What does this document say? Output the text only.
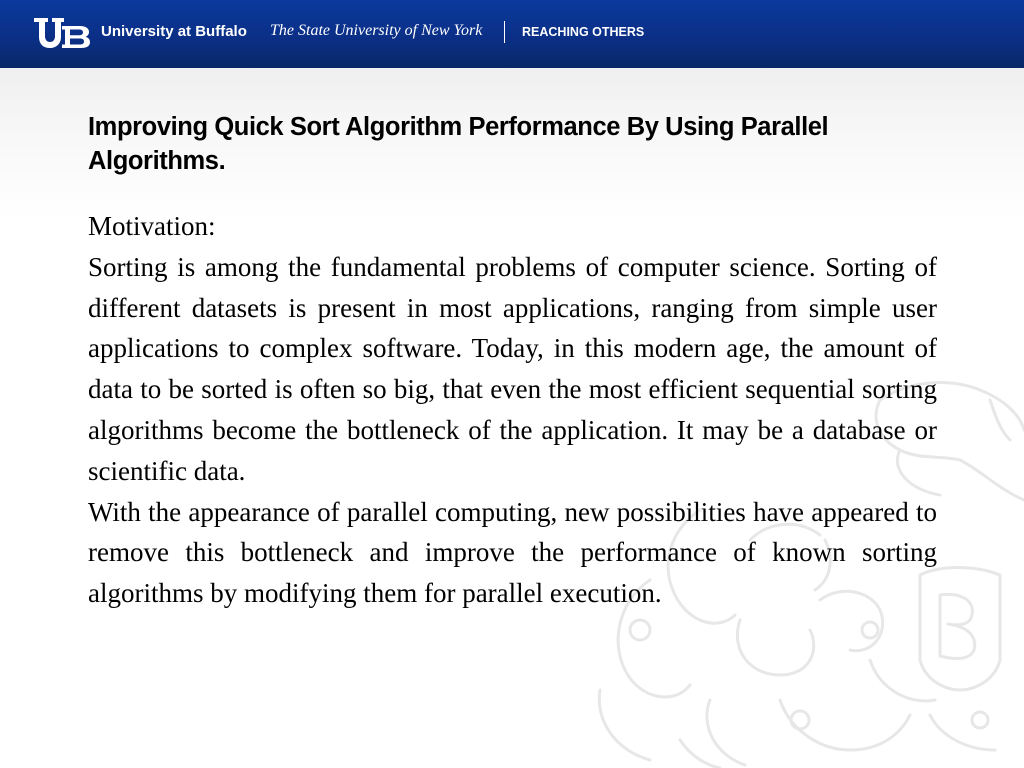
University at Buffalo The State University of New York	REACHING OTHERS
Improving Quick Sort Algorithm Performance By Using Parallel Algorithms.

Motivation:

Sorting is among the fundamental problems of computer science. Sorting of different datasets is present in most applications, ranging from simple user applications to complex software. Today, in this modern age, the amount of data to be sorted is often so big, that even the most efficient sequential sorting algorithms become the bottleneck of the application. It may be a database or scientific data.

With the appearance of parallel computing, new possibilities have appeared to remove this bottleneck and improve the performance of known sorting algorithms by modifying them for parallel execution.
